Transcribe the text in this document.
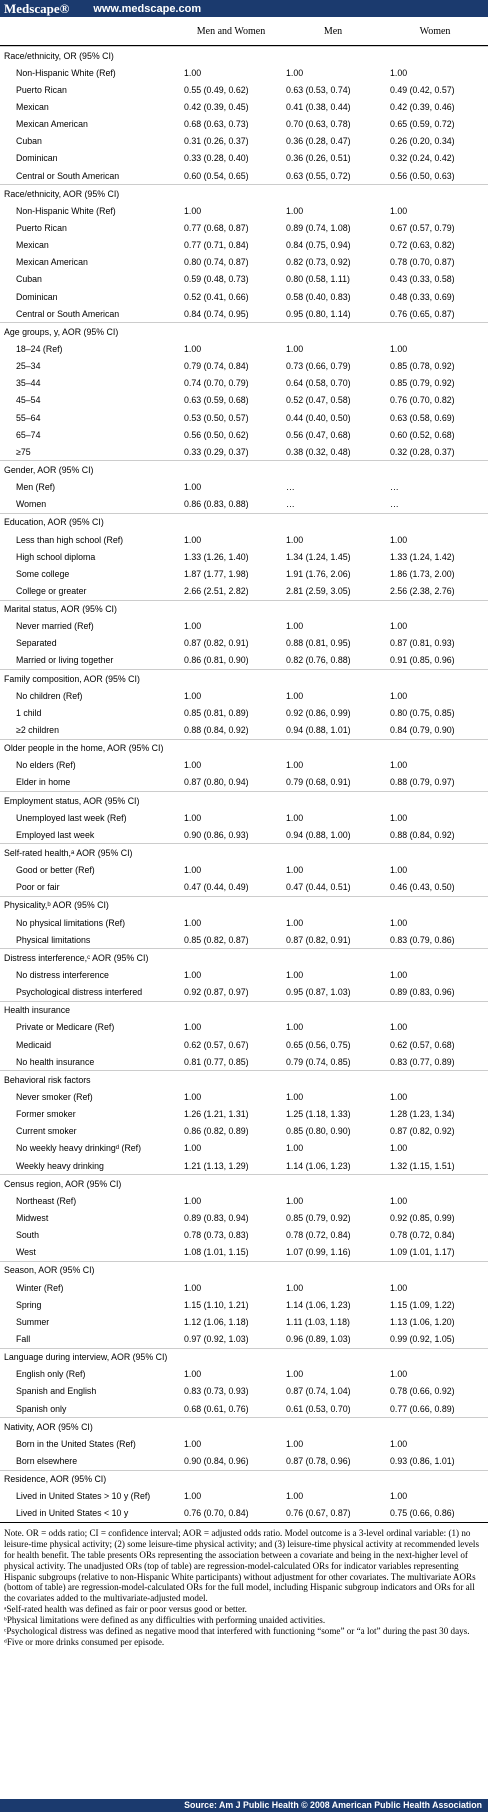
Medscape® www.medscape.com
Men and Women	Men	Women
Race/ethnicity, OR (95% CI)
Non-Hispanic White (Ref)	1.00	1.00	1.00
Puerto Rican	0.55 (0.49, 0.62)	0.63 (0.53, 0.74)	0.49 (0.42, 0.57)
Mexican	0.42 (0.39, 0.45)	0.41 (0.38, 0.44)	0.42 (0.39, 0.46)
Mexican American	0.68 (0.63, 0.73)	0.70 (0.63, 0.78)	0.65 (0.59, 0.72)
Cuban	0.31 (0.26, 0.37)	0.36 (0.28, 0.47)	0.26 (0.20, 0.34)
Dominican	0.33 (0.28, 0.40)	0.36 (0.26, 0.51)	0.32 (0.24, 0.42)
Central or South American	0.60 (0.54, 0.65)	0.63 (0.55, 0.72)	0.56 (0.50, 0.63)
Race/ethnicity, AOR (95% CI)
Non-Hispanic White (Ref)	1.00	1.00	1.00
Puerto Rican	0.77 (0.68, 0.87)	0.89 (0.74, 1.08)	0.67 (0.57, 0.79)
Mexican	0.77 (0.71, 0.84)	0.84 (0.75, 0.94)	0.72 (0.63, 0.82)
Mexican American	0.80 (0.74, 0.87)	0.82 (0.73, 0.92)	0.78 (0.70, 0.87)
Cuban	0.59 (0.48, 0.73)	0.80 (0.58, 1.11)	0.43 (0.33, 0.58)
Dominican	0.52 (0.41, 0.66)	0.58 (0.40, 0.83)	0.48 (0.33, 0.69)
Central or South American	0.84 (0.74, 0.95)	0.95 (0.80, 1.14)	0.76 (0.65, 0.87)
Age groups, y, AOR (95% CI)
18–24 (Ref)	1.00	1.00	1.00
25–34	0.79 (0.74, 0.84)	0.73 (0.66, 0.79)	0.85 (0.78, 0.92)
35–44	0.74 (0.70, 0.79)	0.64 (0.58, 0.70)	0.85 (0.79, 0.92)
45–54	0.63 (0.59, 0.68)	0.52 (0.47, 0.58)	0.76 (0.70, 0.82)
55–64	0.53 (0.50, 0.57)	0.44 (0.40, 0.50)	0.63 (0.58, 0.69)
65–74	0.56 (0.50, 0.62)	0.56 (0.47, 0.68)	0.60 (0.52, 0.68)
≥75	0.33 (0.29, 0.37)	0.38 (0.32, 0.48)	0.32 (0.28, 0.37)
Gender, AOR (95% CI)
Men (Ref)	1.00	…	…
Women	0.86 (0.83, 0.88)	…	…
Education, AOR (95% CI)
Less than high school (Ref)	1.00	1.00	1.00
High school diploma	1.33 (1.26, 1.40)	1.34 (1.24, 1.45)	1.33 (1.24, 1.42)
Some college	1.87 (1.77, 1.98)	1.91 (1.76, 2.06)	1.86 (1.73, 2.00)
College or greater	2.66 (2.51, 2.82)	2.81 (2.59, 3.05)	2.56 (2.38, 2.76)
Marital status, AOR (95% CI)
Never married (Ref)	1.00	1.00	1.00
Separated	0.87 (0.82, 0.91)	0.88 (0.81, 0.95)	0.87 (0.81, 0.93)
Married or living together	0.86 (0.81, 0.90)	0.82 (0.76, 0.88)	0.91 (0.85, 0.96)
Family composition, AOR (95% CI)
No children (Ref)	1.00	1.00	1.00
1 child	0.85 (0.81, 0.89)	0.92 (0.86, 0.99)	0.80 (0.75, 0.85)
≥2 children	0.88 (0.84, 0.92)	0.94 (0.88, 1.01)	0.84 (0.79, 0.90)
Older people in the home, AOR (95% CI)
No elders (Ref)	1.00	1.00	1.00
Elder in home	0.87 (0.80, 0.94)	0.79 (0.68, 0.91)	0.88 (0.79, 0.97)
Employment status, AOR (95% CI)
Unemployed last week (Ref)	1.00	1.00	1.00
Employed last week	0.90 (0.86, 0.93)	0.94 (0.88, 1.00)	0.88 (0.84, 0.92)
Self-rated health,ᵃ AOR (95% CI)
Good or better (Ref)	1.00	1.00	1.00
Poor or fair	0.47 (0.44, 0.49)	0.47 (0.44, 0.51)	0.46 (0.43, 0.50)
Physicality,ᵇ AOR (95% CI)
No physical limitations (Ref)	1.00	1.00	1.00
Physical limitations	0.85 (0.82, 0.87)	0.87 (0.82, 0.91)	0.83 (0.79, 0.86)
Distress interference,ᶜ AOR (95% CI)
No distress interference	1.00	1.00	1.00
Psychological distress interfered	0.92 (0.87, 0.97)	0.95 (0.87, 1.03)	0.89 (0.83, 0.96)
Health insurance
Private or Medicare (Ref)	1.00	1.00	1.00
Medicaid	0.62 (0.57, 0.67)	0.65 (0.56, 0.75)	0.62 (0.57, 0.68)
No health insurance	0.81 (0.77, 0.85)	0.79 (0.74, 0.85)	0.83 (0.77, 0.89)
Behavioral risk factors
Never smoker (Ref)	1.00	1.00	1.00
Former smoker	1.26 (1.21, 1.31)	1.25 (1.18, 1.33)	1.28 (1.23, 1.34)
Current smoker	0.86 (0.82, 0.89)	0.85 (0.80, 0.90)	0.87 (0.82, 0.92)
No weekly heavy drinkingᵈ (Ref)	1.00	1.00	1.00
Weekly heavy drinking	1.21 (1.13, 1.29)	1.14 (1.06, 1.23)	1.32 (1.15, 1.51)
Census region, AOR (95% CI)
Northeast (Ref)	1.00	1.00	1.00
Midwest	0.89 (0.83, 0.94)	0.85 (0.79, 0.92)	0.92 (0.85, 0.99)
South	0.78 (0.73, 0.83)	0.78 (0.72, 0.84)	0.78 (0.72, 0.84)
West	1.08 (1.01, 1.15)	1.07 (0.99, 1.16)	1.09 (1.01, 1.17)
Season, AOR (95% CI)
Winter (Ref)	1.00	1.00	1.00
Spring	1.15 (1.10, 1.21)	1.14 (1.06, 1.23)	1.15 (1.09, 1.22)
Summer	1.12 (1.06, 1.18)	1.11 (1.03, 1.18)	1.13 (1.06, 1.20)
Fall	0.97 (0.92, 1.03)	0.96 (0.89, 1.03)	0.99 (0.92, 1.05)
Language during interview, AOR (95% CI)
English only (Ref)	1.00	1.00	1.00
Spanish and English	0.83 (0.73, 0.93)	0.87 (0.74, 1.04)	0.78 (0.66, 0.92)
Spanish only	0.68 (0.61, 0.76)	0.61 (0.53, 0.70)	0.77 (0.66, 0.89)
Nativity, AOR (95% CI)
Born in the United States (Ref)	1.00	1.00	1.00
Born elsewhere	0.90 (0.84, 0.96)	0.87 (0.78, 0.96)	0.93 (0.86, 1.01)
Residence, AOR (95% CI)
Lived in United States > 10 y (Ref)	1.00	1.00	1.00
Lived in United States < 10 y	0.76 (0.70, 0.84)	0.76 (0.67, 0.87)	0.75 (0.66, 0.86)

Note. OR = odds ratio; CI = confidence interval; AOR = adjusted odds ratio. Model outcome is a 3-level ordinal variable: (1) no leisure-time physical activity; (2) some leisure-time physical activity; and (3) leisure-time physical activity at recommended levels for health benefit. The table presents ORs representing the association between a covariate and being in the next-higher level of physical activity. The unadjusted ORs (top of table) are regression-model-calculated ORs for indicator variables representing Hispanic subgroups (relative to non-Hispanic White participants) without adjustment for other covariates. The multivariate AORs (bottom of table) are regression-model-calculated ORs for the full model, including Hispanic subgroup indicators and ORs for all the covariates added to the multivariate-adjusted model.

ᵃSelf-rated health was defined as fair or poor versus good or better.

ᵇPhysical limitations were defined as any difficulties with performing unaided activities.

ᶜPsychological distress was defined as negative mood that interfered with functioning “some” or “a lot” during the past 30 days.

ᵈFive or more drinks consumed per episode.

Source: Am J Public Health © 2008 American Public Health Association
